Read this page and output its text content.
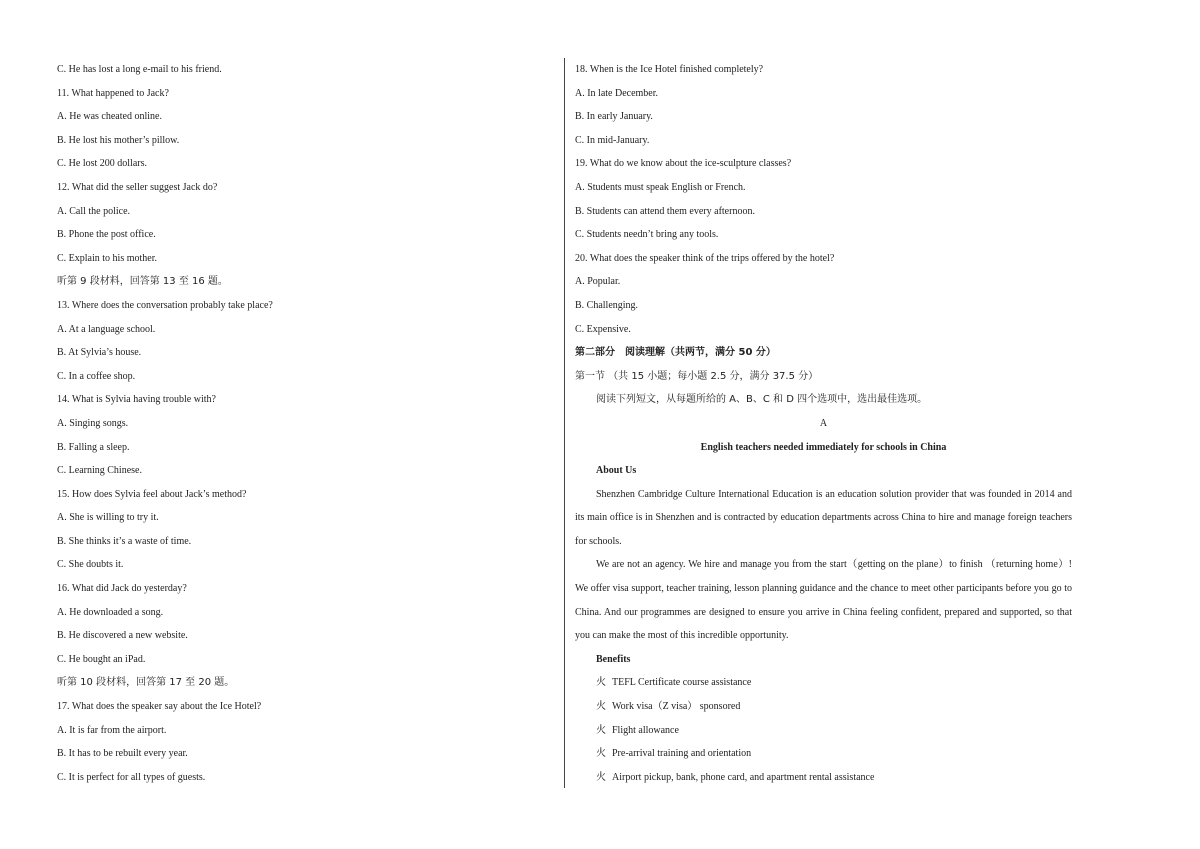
C. He has lost a long e-mail to his friend.
11. What happened to Jack?
A. He was cheated online.
B. He lost his mother’s pillow.
C. He lost 200 dollars.
12. What did the seller suggest Jack do?
A. Call the police.
B. Phone the post office.
C. Explain to his mother.
听第 9 段材料，回答第 13 至 16 题。
13. Where does the conversation probably take place?
A. At a language school.
B. At Sylvia’s house.
C. In a coffee shop.
14. What is Sylvia having trouble with?
A. Singing songs.
B. Falling a sleep.
C. Learning Chinese.
15. How does Sylvia feel about Jack’s method?
A. She is willing to try it.
B. She thinks it’s a waste of time.
C. She doubts it.
16. What did Jack do yesterday?
A. He downloaded a song.
B. He discovered a new website.
C. He bought an iPad.
听第 10 段材料，回答第 17 至 20 题。
17. What does the speaker say about the Ice Hotel?
A. It is far from the airport.
B. It has to be rebuilt every year.
C. It is perfect for all types of guests.
18. When is the Ice Hotel finished completely?
A. In late December.
B. In early January.
C. In mid-January.
19. What do we know about the ice-sculpture classes?
A. Students must speak English or French.
B. Students can attend them every afternoon.
C. Students needn’t bring any tools.
20. What does the speaker think of the trips offered by the hotel?
A. Popular.
B. Challenging.
C. Expensive.
第二部分　阅读理解（共两节，满分 50 分）
第一节 （共 15 小题；每小题 2.5 分，满分 37.5 分）
阅读下列短文，从每题所给的 A、B、C 和 D 四个选项中，选出最佳选项。
A
English teachers needed immediately for schools in China
About Us

Shenzhen Cambridge Culture International Education is an education solution provider that was founded in 2014 and its main office is in Shenzhen and is contracted by education departments across China to hire and manage foreign teachers for schools.

We are not an agency. We hire and manage you from the start（getting on the plane）to finish （returning home）! We offer visa support, teacher training, lesson planning guidance and the chance to meet other participants before you go to China. And our programmes are designed to ensure you arrive in China feeling confident, prepared and supported, so that you can make the most of this incredible opportunity.

Benefits
火 TEFL Certificate course assistance
火 Work visa（Z visa） sponsored
火 Flight allowance
火 Pre-arrival training and orientation
火 Airport pickup, bank, phone card, and apartment rental assistance
